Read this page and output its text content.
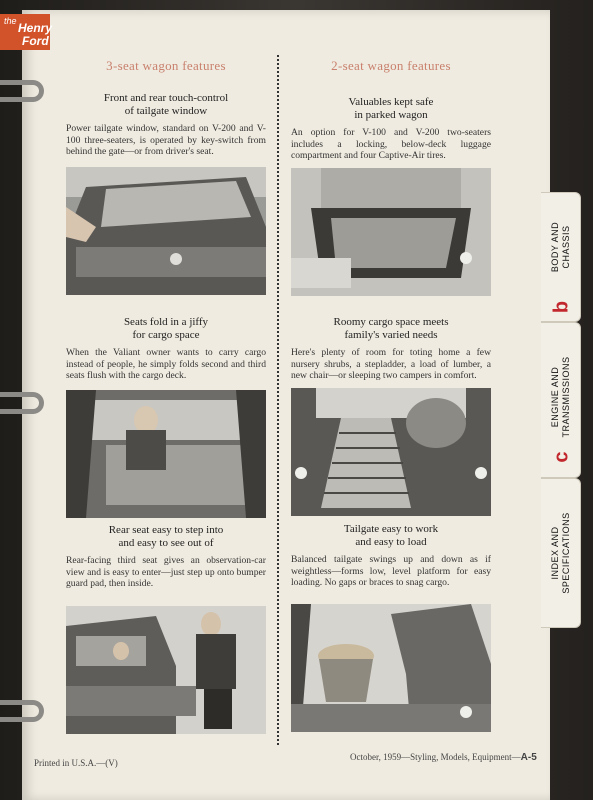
the Henry
Ford
3-seat wagon features	2-seat wagon features
Front and rear touch-control
of tailgate window
Power tailgate window, standard on V-200 and V-100 three-seaters, is operated by key-switch from behind the gate—or from driver's seat.
Seats fold in a jiffy
for cargo space
When the Valiant owner wants to carry cargo instead of people, he simply folds second and third seats flush with the cargo deck.
Rear seat easy to step into
and easy to see out of
Rear-facing third seat gives an observation-car view and is easy to enter—just step up onto bumper guard pad, then inside.
Valuables kept safe
in parked wagon
An option for V-100 and V-200 two-seaters includes a locking, below-deck luggage compartment and four Captive-Air tires.
Roomy cargo space meets
family's varied needs
Here's plenty of room for toting home a few nursery shrubs, a stepladder, a load of lumber, a new chair—or sleeping two campers in comfort.
Tailgate easy to work
and easy to load
Balanced tailgate swings up and down as if weightless—forms low, level platform for easy loading. No gaps or braces to snag cargo.
Printed in U.S.A.—(V)
October, 1959—Styling, Models, Equipment—A-5
BODY AND CHASSIS
b
ENGINE AND TRANSMISSIONS
c
INDEX AND SPECIFICATIONS
